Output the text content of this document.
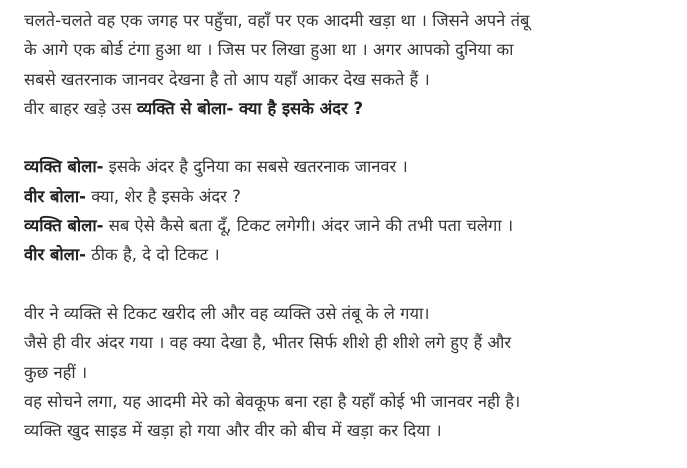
चलते-चलते वह एक जगह पर पहुँचा, वहाँ पर एक आदमी खड़ा था । जिसने अपने तंबू
के आगे एक बोर्ड टंगा हुआ था । जिस पर लिखा हुआ था । अगर आपको दुनिया का
सबसे खतरनाक जानवर देखना है तो आप यहाँ आकर देख सकते हैं ।
वीर बाहर खड़े उस व्यक्ति से बोला- क्या है इसके अंदर ?
व्यक्ति बोला- इसके अंदर है दुनिया का सबसे खतरनाक जानवर ।
वीर बोला- क्या, शेर है इसके अंदर ?
व्यक्ति बोला- सब ऐसे कैसे बता दूँ, टिकट लगेगी। अंदर जाने की तभी पता चलेगा ।
वीर बोला- ठीक है, दे दो टिकट ।
वीर ने व्यक्ति से टिकट खरीद ली और वह व्यक्ति उसे तंबू के ले गया।
जैसे ही वीर अंदर गया । वह क्या देखा है, भीतर सिर्फ शीशे ही शीशे लगे हुए हैं और
कुछ नहीं ।
वह सोचने लगा, यह आदमी मेरे को बेवकूफ बना रहा है यहाँ कोई भी जानवर नही है।
व्यक्ति खुद साइड में खड़ा हो गया और वीर को बीच में खड़ा कर दिया ।
